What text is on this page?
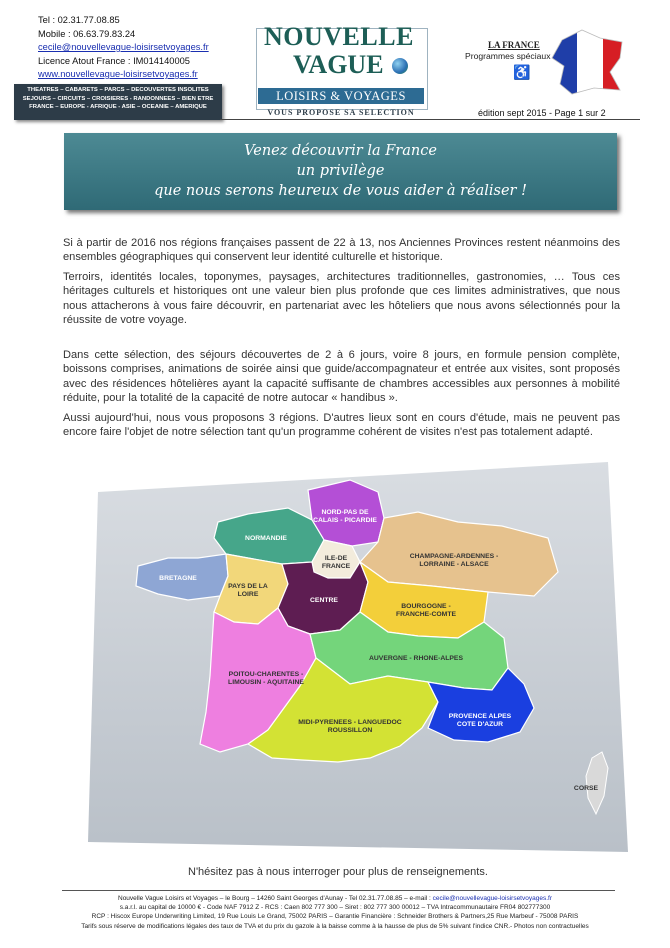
Tel : 02.31.77.08.85
Mobile : 06.63.79.83.24
cecile@nouvellevague-loisirsetvoyages.fr
Licence Atout France : IM014140005
www.nouvellevague-loisirsetvoyages.fr
THEATRES – CABARETS – PARCS – DECOUVERTES INSOLITES
SEJOURS – CIRCUITS – CROISIERES - RANDONNEES – BIEN ETRE
FRANCE – EUROPE - AFRIQUE - ASIE – OCEANIE – AMERIQUE
NOUVELLE
VAGUE
LOISIRS & VOYAGES
VOUS PROPOSE SA SELECTION
LA FRANCE
Programmes spéciaux
♿
édition sept 2015 - Page 1 sur 2
Venez découvrir la France
un privilège
que nous serons heureux de vous aider à réaliser !
Si à partir de 2016 nos régions françaises passent de 22 à 13, nos Anciennes Provinces restent néanmoins des ensembles géographiques qui conservent leur identité culturelle et historique.
Terroirs, identités locales, toponymes, paysages, architectures traditionnelles, gastronomies, … Tous ces héritages culturels et historiques ont une valeur bien plus profonde que ces limites administratives, que nous nous attacherons à vous faire découvrir, en partenariat avec les hôteliers que nous avons sélectionnés pour la réussite de votre voyage.
Dans cette sélection, des séjours découvertes de 2 à 6 jours, voire 8 jours, en formule pension complète, boissons comprises, animations de soirée ainsi que guide/accompagnateur et entrée aux visites, sont proposés avec des résidences hôtelières ayant la capacité suffisante de chambres accessibles aux personnes à mobilité réduite, pour la totalité de la capacité de notre autocar « handibus ».
Aussi aujourd'hui, nous vous proposons 3 régions. D'autres lieux sont en cours d'étude, mais ne peuvent pas encore faire l'objet de notre sélection tant qu'un programme cohérent de visites n'est pas totalement adapté.
NORD-PAS DE
CALAIS - PICARDIE
NORMANDIE
ILE-DE
FRANCE
CHAMPAGNE-ARDENNES -
LORRAINE - ALSACE
BRETAGNE
PAYS DE LA
LOIRE
CENTRE
BOURGOGNE -
FRANCHE-COMTE
POITOU-CHARENTES -
LIMOUSIN - AQUITAINE
AUVERGNE - RHONE-ALPES
MIDI-PYRENEES - LANGUEDOC
ROUSSILLON
PROVENCE ALPES
COTE D'AZUR
CORSE
N'hésitez pas à nous interroger pour plus de renseignements.
Nouvelle Vague Loisirs et Voyages – le Bourg – 14260 Saint Georges d'Aunay - Tel 02.31.77.08.85 – e-mail : cecile@nouvellevague-loisirsetvoyages.fr
s.a.r.l. au capital de 10000 € - Code NAF 7912 Z - RCS : Caen 802 777 300 – Siret : 802 777 300 00012 – TVA Intracommunautaire FR04 802777300
RCP : Hiscox Europe Underwriting Limited, 19 Rue Louis Le Grand, 75002 PARIS – Garantie Financière : Schneider Brothers & Partners,25 Rue Marbeuf - 75008 PARIS
Tarifs sous réserve de modifications légales des taux de TVA et du prix du gazole à la baisse comme à la hausse de plus de 5% suivant l'indice CNR.- Photos non contractuelles
